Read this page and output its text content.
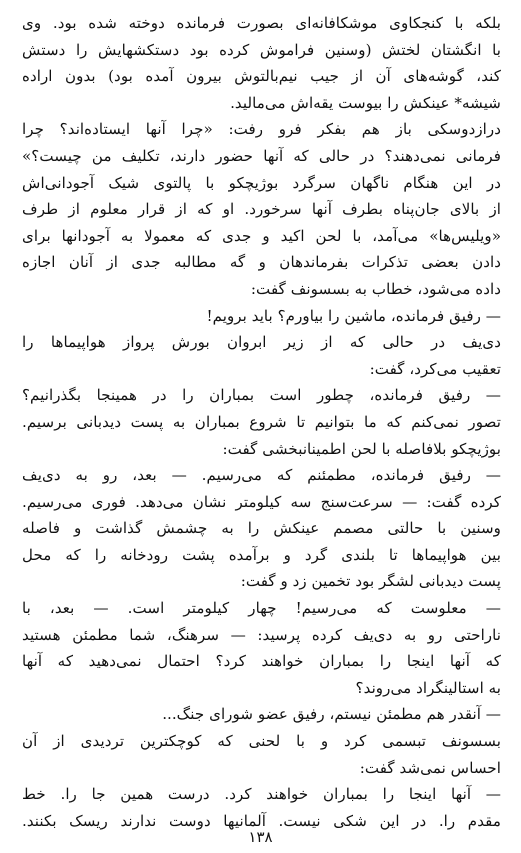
بلکه با کنجکاوی موشکافانه‌ای بصورت فرمانده دوخته شده بود. وی
با انگشتان لختش (وسنین فراموش کرده بود دستکشهایش را دستش
کند، گوشه‌های آن از جیب نیم‌بالتوش بیرون آمده بود) بدون اراده
شیشه* عینکش را بیوست یقه‌اش می‌مالید.
درازدوسکی باز هم بفکر فرو رفت: «چرا آنها ایستاده‌اند؟ چرا
فرمانی نمی‌دهند؟ در حالی که آنها حضور دارند، تکلیف من چیست؟»
در این هنگام ناگهان سرگرد بوژیچکو با پالتوی شیک آجودانی‌اش
از بالای جان‌پناه بطرف آنها سرخورد. او که از قرار معلوم از طرف
«ویلیس‌ها» می‌آمد، با لحن اکید و جدی که معمولا به آجودانها برای
دادن بعضی تذکرات بفرماندهان و گه مطالبه جدی از آنان اجازه
داده می‌شود، خطاب به بسسونف گفت:
— رفیق فرمانده، ماشین را بیاورم؟ باید برویم!
دی‌یف در حالی که از زیر ابروان بورش پرواز هواپیماها را
تعقیب می‌کرد، گفت:
— رفیق فرمانده، چطور است بمباران را در همینجا بگذرانیم؟
تصور نمی‌کنم که ما بتوانیم تا شروع بمباران به پست دیدبانی برسیم.
بوژیچکو بلافاصله با لحن اطمینانبخشی گفت:
— رفیق فرمانده، مطمئنم که می‌رسیم. — بعد، رو به دی‌یف
کرده گفت: — سرعت‌سنج سه کیلومتر نشان می‌دهد. فوری می‌رسیم.
وسنین با حالتی مصمم عینکش را به چشمش گذاشت و فاصله
بین هواپیماها تا بلندی گرد و برآمده پشت رودخانه را که محل
پست دیدبانی لشگر بود تخمین زد و گفت:
— معلوست که می‌رسیم! چهار کیلومتر است. — بعد، با
ناراحتی رو به دی‌یف کرده پرسید: — سرهنگ، شما مطمئن هستید
که آنها اینجا را بمباران خواهند کرد؟ احتمال نمی‌دهید که آنها
به استالینگراد می‌روند؟
— آنقدر هم مطمئن نیستم، رفیق عضو شورای جنگ...
بسسونف تبسمی کرد و با لحنی که کوچکترین تردیدی از آن
احساس نمی‌شد گفت:
— آنها اینجا را بمباران خواهند کرد. درست همین جا را. خط
مقدم را. در این شکی نیست. آلمانیها دوست ندارند ریسک بکنند.
۱۳۸
